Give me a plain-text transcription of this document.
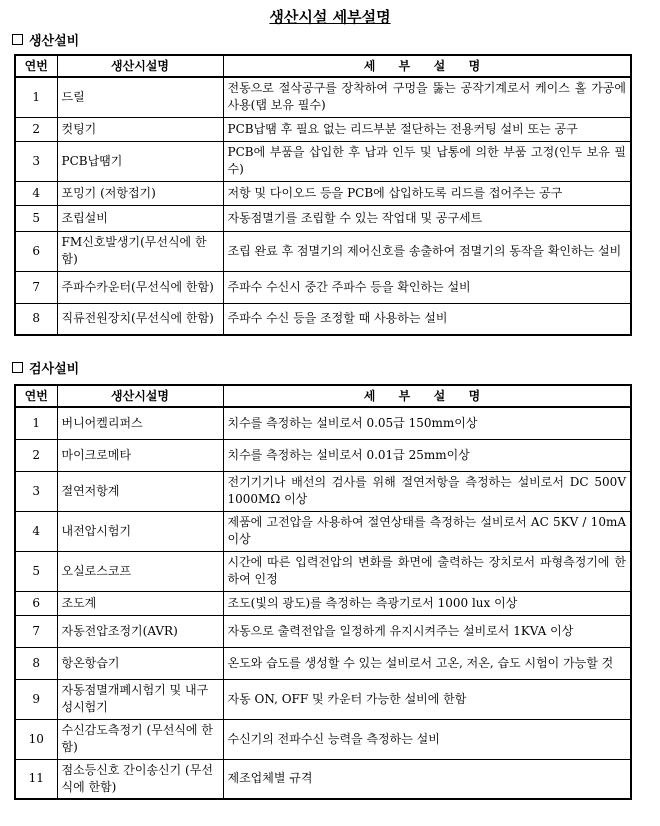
생산시설 세부설명
생산설비
연번	생산시설명	세 부 설 명
1	드릴	전동으로 절삭공구를 장착하여 구멍을 뚫는 공작기계로서 케이스 홀 가공에 사용(탭 보유 필수)
2	컷팅기	PCB납땜 후 필요 없는 리드부분 절단하는 전용커팅 설비 또는 공구
3	PCB납땜기	PCB에 부품을 삽입한 후 납과 인두 및 납통에 의한 부품 고정(인두 보유 필수)
4	포밍기 (저항접기)	저항 및 다이오드 등을 PCB에 삽입하도록 리드를 접어주는 공구
5	조립설비	자동점멸기를 조립할 수 있는 작업대 및 공구세트
6	FM신호발생기(무선식에 한함)	조립 완료 후 점멸기의 제어신호를 송출하여 점멸기의 동작을 확인하는 설비
7	주파수카운터(무선식에 한함)	주파수 수신시 중간 주파수 등을 확인하는 설비
8	직류전원장치(무선식에 한함)	주파수 수신 등을 조정할 때 사용하는 설비
검사설비
연번	생산시설명	세 부 설 명
1	버니어켈리퍼스	치수를 측정하는 설비로서 0.05급 150mm이상
2	마이크로메타	치수를 측정하는 설비로서 0.01급 25mm이상
3	절연저항계	전기기기나 배선의 검사를 위해 절연저항을 측정하는 설비로서 DC 500V 1000MΩ 이상
4	내전압시험기	제품에 고전압을 사용하여 절연상태를 측정하는 설비로서 AC 5KV / 10mA 이상
5	오실로스코프	시간에 따른 입력전압의 변화를 화면에 출력하는 장치로서 파형측정기에 한하여 인정
6	조도계	조도(빛의 광도)를 측정하는 측광기로서 1000 lux 이상
7	자동전압조정기(AVR)	자동으로 출력전압을 일정하게 유지시켜주는 설비로서 1KVA 이상
8	항온항습기	온도와 습도를 생성할 수 있는 설비로서 고온, 저온, 습도 시험이 가능할 것
9	자동점멸개폐시험기 및 내구성시험기	자동 ON, OFF 및 카운터 가능한 설비에 한함
10	수신감도측정기 (무선식에 한함)	수신기의 전파수신 능력을 측정하는 설비
11	점소등신호 간이송신기 (무선식에 한함)	제조업체별 규격
